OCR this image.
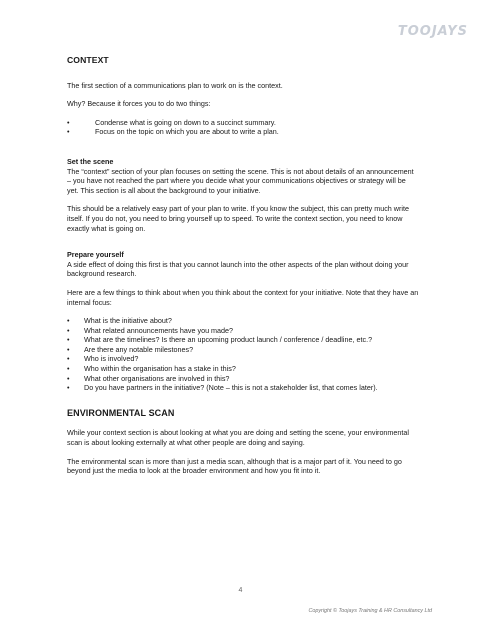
TOOJAYS
CONTEXT

The first section of a communications plan to work on is the context.

Why? Because it forces you to do two things:

•	Condense what is going on down to a succinct summary.
•	Focus on the topic on which you are about to write a plan.
Set the scene

The “context” section of your plan focuses on setting the scene. This is not about details of an announcement – you have not reached the part where you decide what your communications objectives or strategy will be yet. This section is all about the background to your initiative.

This should be a relatively easy part of your plan to write. If you know the subject, this can pretty much write itself. If you do not, you need to bring yourself up to speed. To write the context section, you need to know exactly what is going on.

Prepare yourself

A side effect of doing this first is that you cannot launch into the other aspects of the plan without doing your background research.

Here are a few things to think about when you think about the context for your initiative. Note that they have an internal focus:

• What is the initiative about?
• What related announcements have you made?
• What are the timelines? Is there an upcoming product launch / conference / deadline, etc.?
• Are there any notable milestones?
• Who is involved?
• Who within the organisation has a stake in this?
• What other organisations are involved in this?
• Do you have partners in the initiative? (Note – this is not a stakeholder list, that comes later).
ENVIRONMENTAL SCAN

While your context section is about looking at what you are doing and setting the scene, your environmental scan is about looking externally at what other people are doing and saying.

The environmental scan is more than just a media scan, although that is a major part of it. You need to go beyond just the media to look at the broader environment and how you fit into it.

4
Copyright © Toojays Training & HR Consultancy Ltd
